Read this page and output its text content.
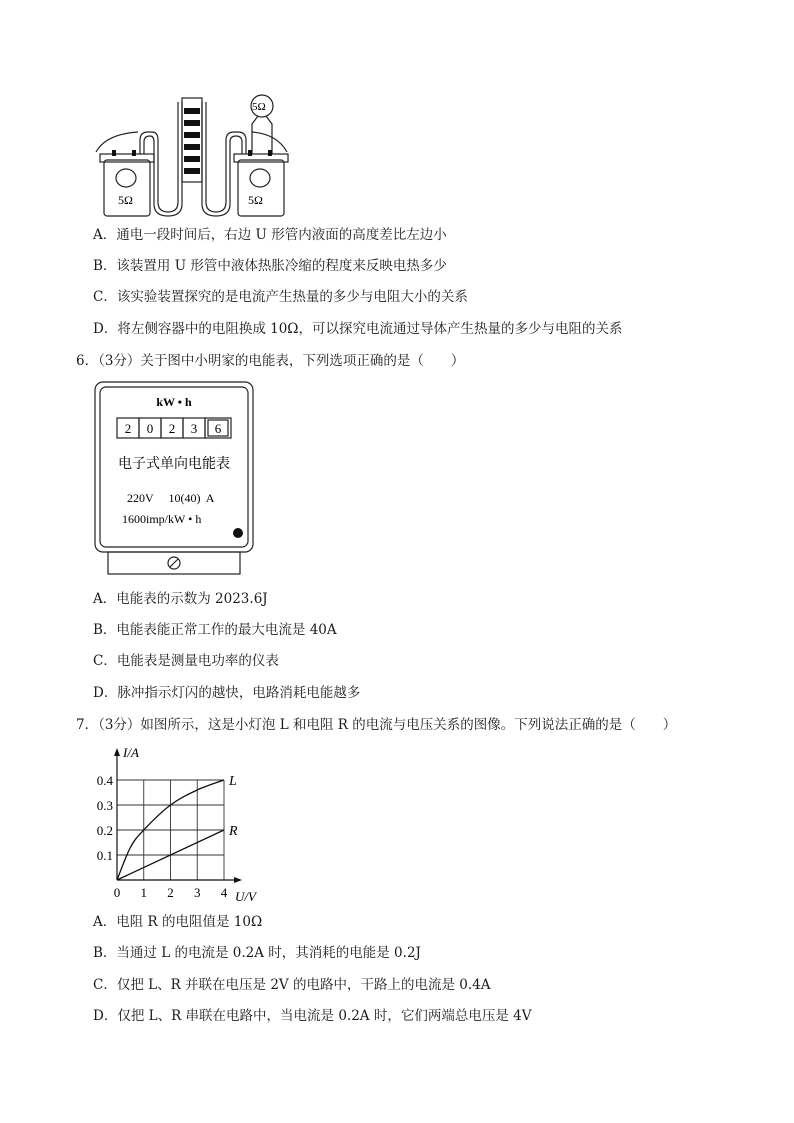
5Ω	5Ω
5Ω
A．通电一段时间后，右边 U 形管内液面的高度差比左边小
B．该装置用 U 形管中液体热胀冷缩的程度来反映电热多少
C．该实验装置探究的是电流产生热量的多少与电阻大小的关系
D．将左侧容器中的电阻换成 10Ω，可以探究电流通过导体产生热量的多少与电阻的关系
6．（3分）关于图中小明家的电能表，下列选项正确的是（　　）
kW • h
2 0 2 3 6
电子式单向电能表
220V　 10(40)  A
1600imp/kW • h
A．电能表的示数为 2023.6J
B．电能表能正常工作的最大电流是 40A
C．电能表是测量电功率的仪表
D．脉冲指示灯闪的越快，电路消耗电能越多
7．（3分）如图所示，这是小灯泡 L 和电阻 R 的电流与电压关系的图像。下列说法正确的是（　　）
L
R
0 1 2 3 4
0.1
0.2
0.3
0.4
I/A
U/V
A．电阻 R 的电阻值是 10Ω
B．当通过 L 的电流是 0.2A 时，其消耗的电能是 0.2J
C．仅把 L、R 并联在电压是 2V 的电路中，干路上的电流是 0.4A
D．仅把 L、R 串联在电路中，当电流是 0.2A 时，它们两端总电压是 4V
